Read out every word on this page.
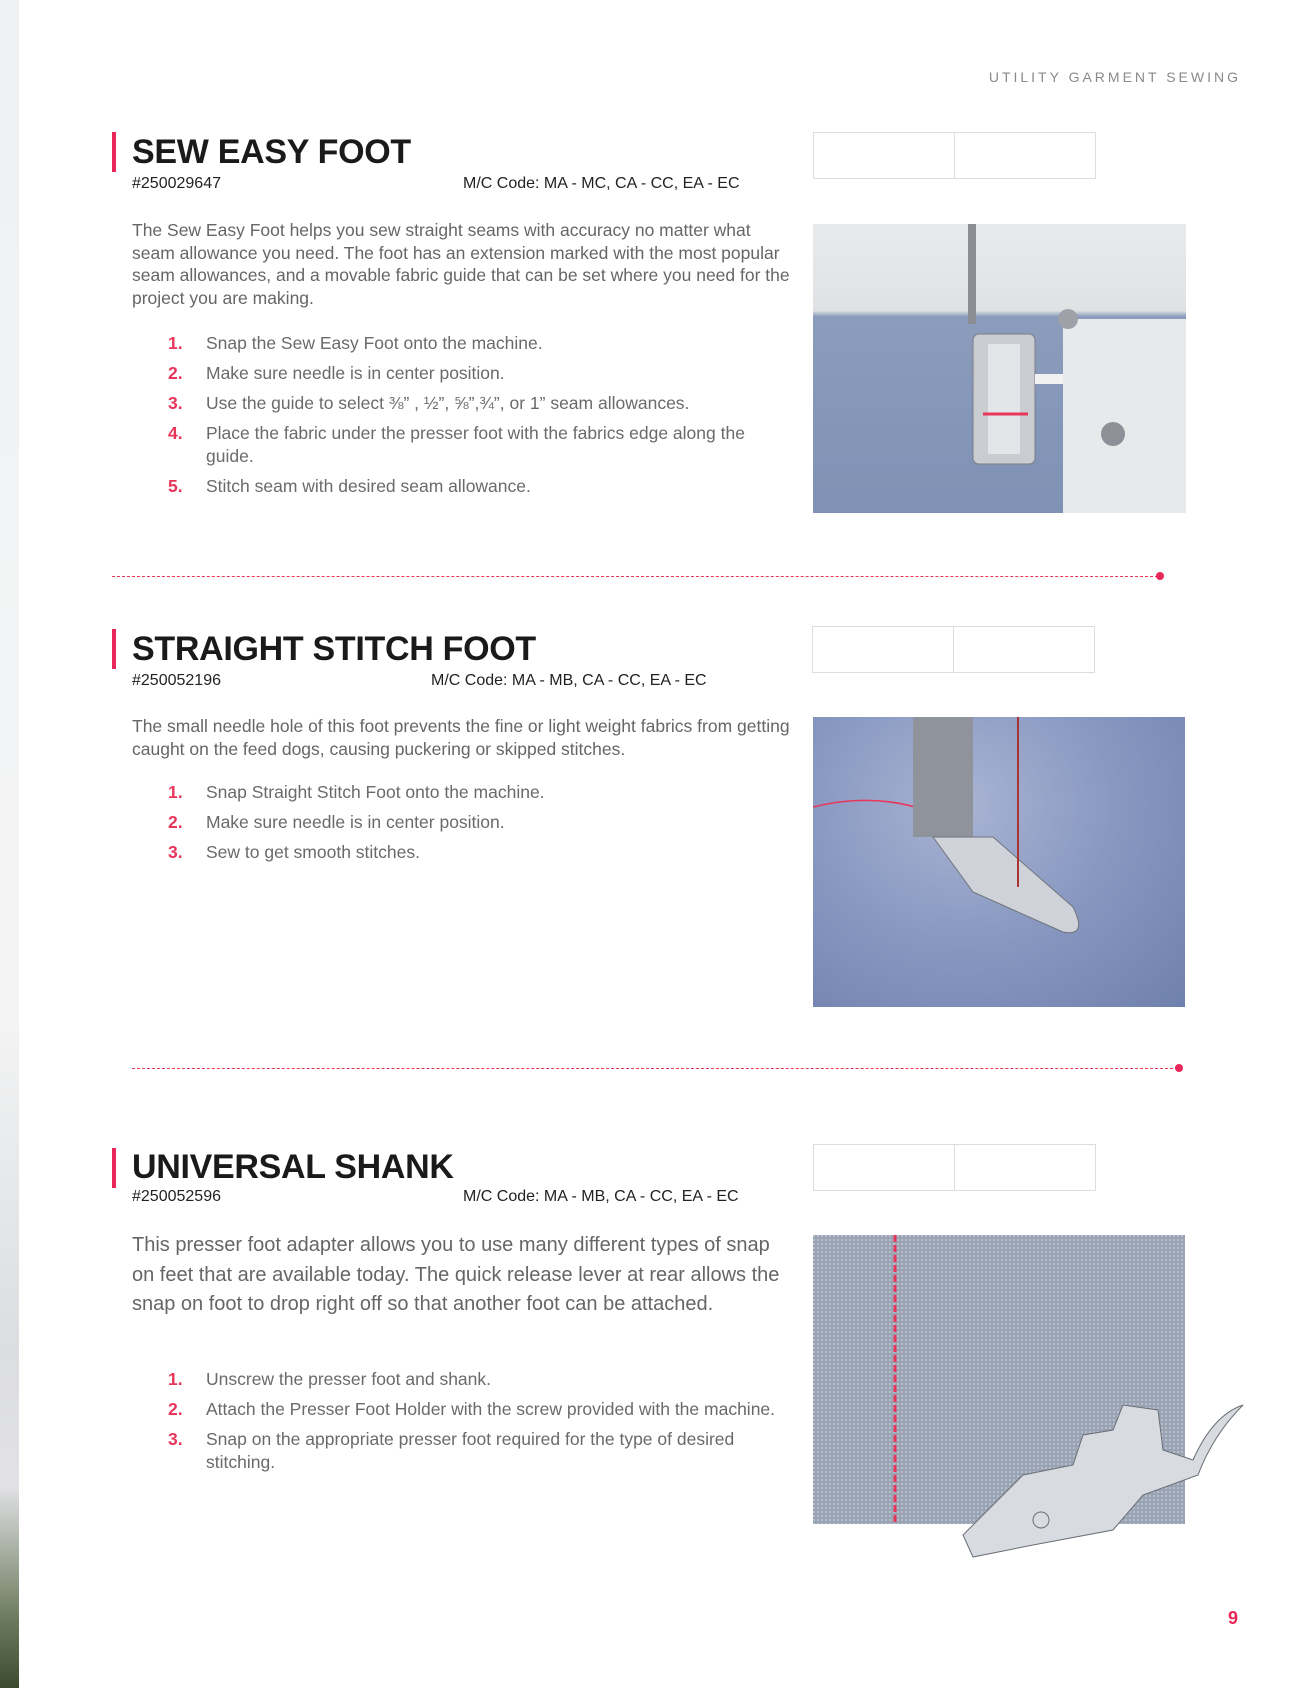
UTILITY GARMENT SEWING
SEW EASY FOOT
#250029647	M/C Code: MA - MC, CA - CC, EA - EC

The Sew Easy Foot helps you sew straight seams with accuracy no matter what seam allowance you need. The foot has an extension marked with the most popular seam allowances, and a movable fabric guide that can be set where you need for the project you are making.

1. Snap the Sew Easy Foot onto the machine.
2. Make sure needle is in center position.
3. Use the guide to select ⅜” , ½”, ⅝”,¾”, or 1” seam allowances.
4. Place the fabric under the presser foot with the fabrics edge along the guide.
5. Stitch seam with desired seam allowance.
STRAIGHT STITCH FOOT
#250052196	M/C Code: MA - MB, CA - CC, EA - EC

The small needle hole of this foot prevents the fine or light weight fabrics from getting caught on the feed dogs, causing puckering or skipped stitches.

1. Snap Straight Stitch Foot onto the machine.
2. Make sure needle is in center position.
3. Sew to get smooth stitches.
UNIVERSAL SHANK
#250052596	M/C Code: MA - MB, CA - CC, EA - EC

This presser foot adapter allows you to use many different types of snap on feet that are available today. The quick release lever at rear allows the snap on foot to drop right off so that another foot can be attached.

1. Unscrew the presser foot and shank.
2. Attach the Presser Foot Holder with the screw provided with the machine.
3. Snap on the appropriate presser foot required for the type of desired stitching.
9
